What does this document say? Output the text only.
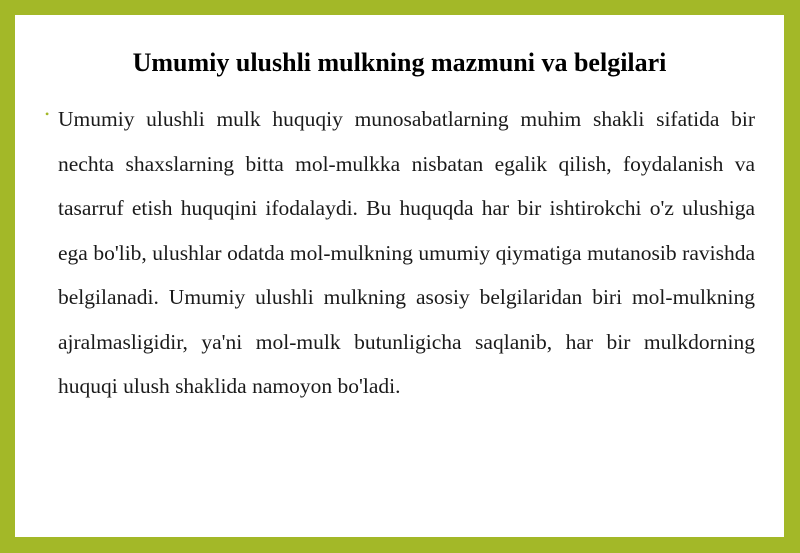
Umumiy ulushli mulkning mazmuni va belgilari
• Umumiy ulushli mulk huquqiy munosabatlarning muhim shakli sifatida bir nechta shaxslarning bitta mol-mulkka nisbatan egalik qilish, foydalanish va tasarruf etish huquqini ifodalaydi. Bu huquqda har bir ishtirokchi o'z ulushiga ega bo'lib, ulushlar odatda mol-mulkning umumiy qiymatiga mutanosib ravishda belgilanadi. Umumiy ulushli mulkning asosiy belgilaridan biri mol-mulkning ajralmasligidir, ya'ni mol-mulk butunligicha saqlanib, har bir mulkdorning huquqi ulush shaklida namoyon bo'ladi.
